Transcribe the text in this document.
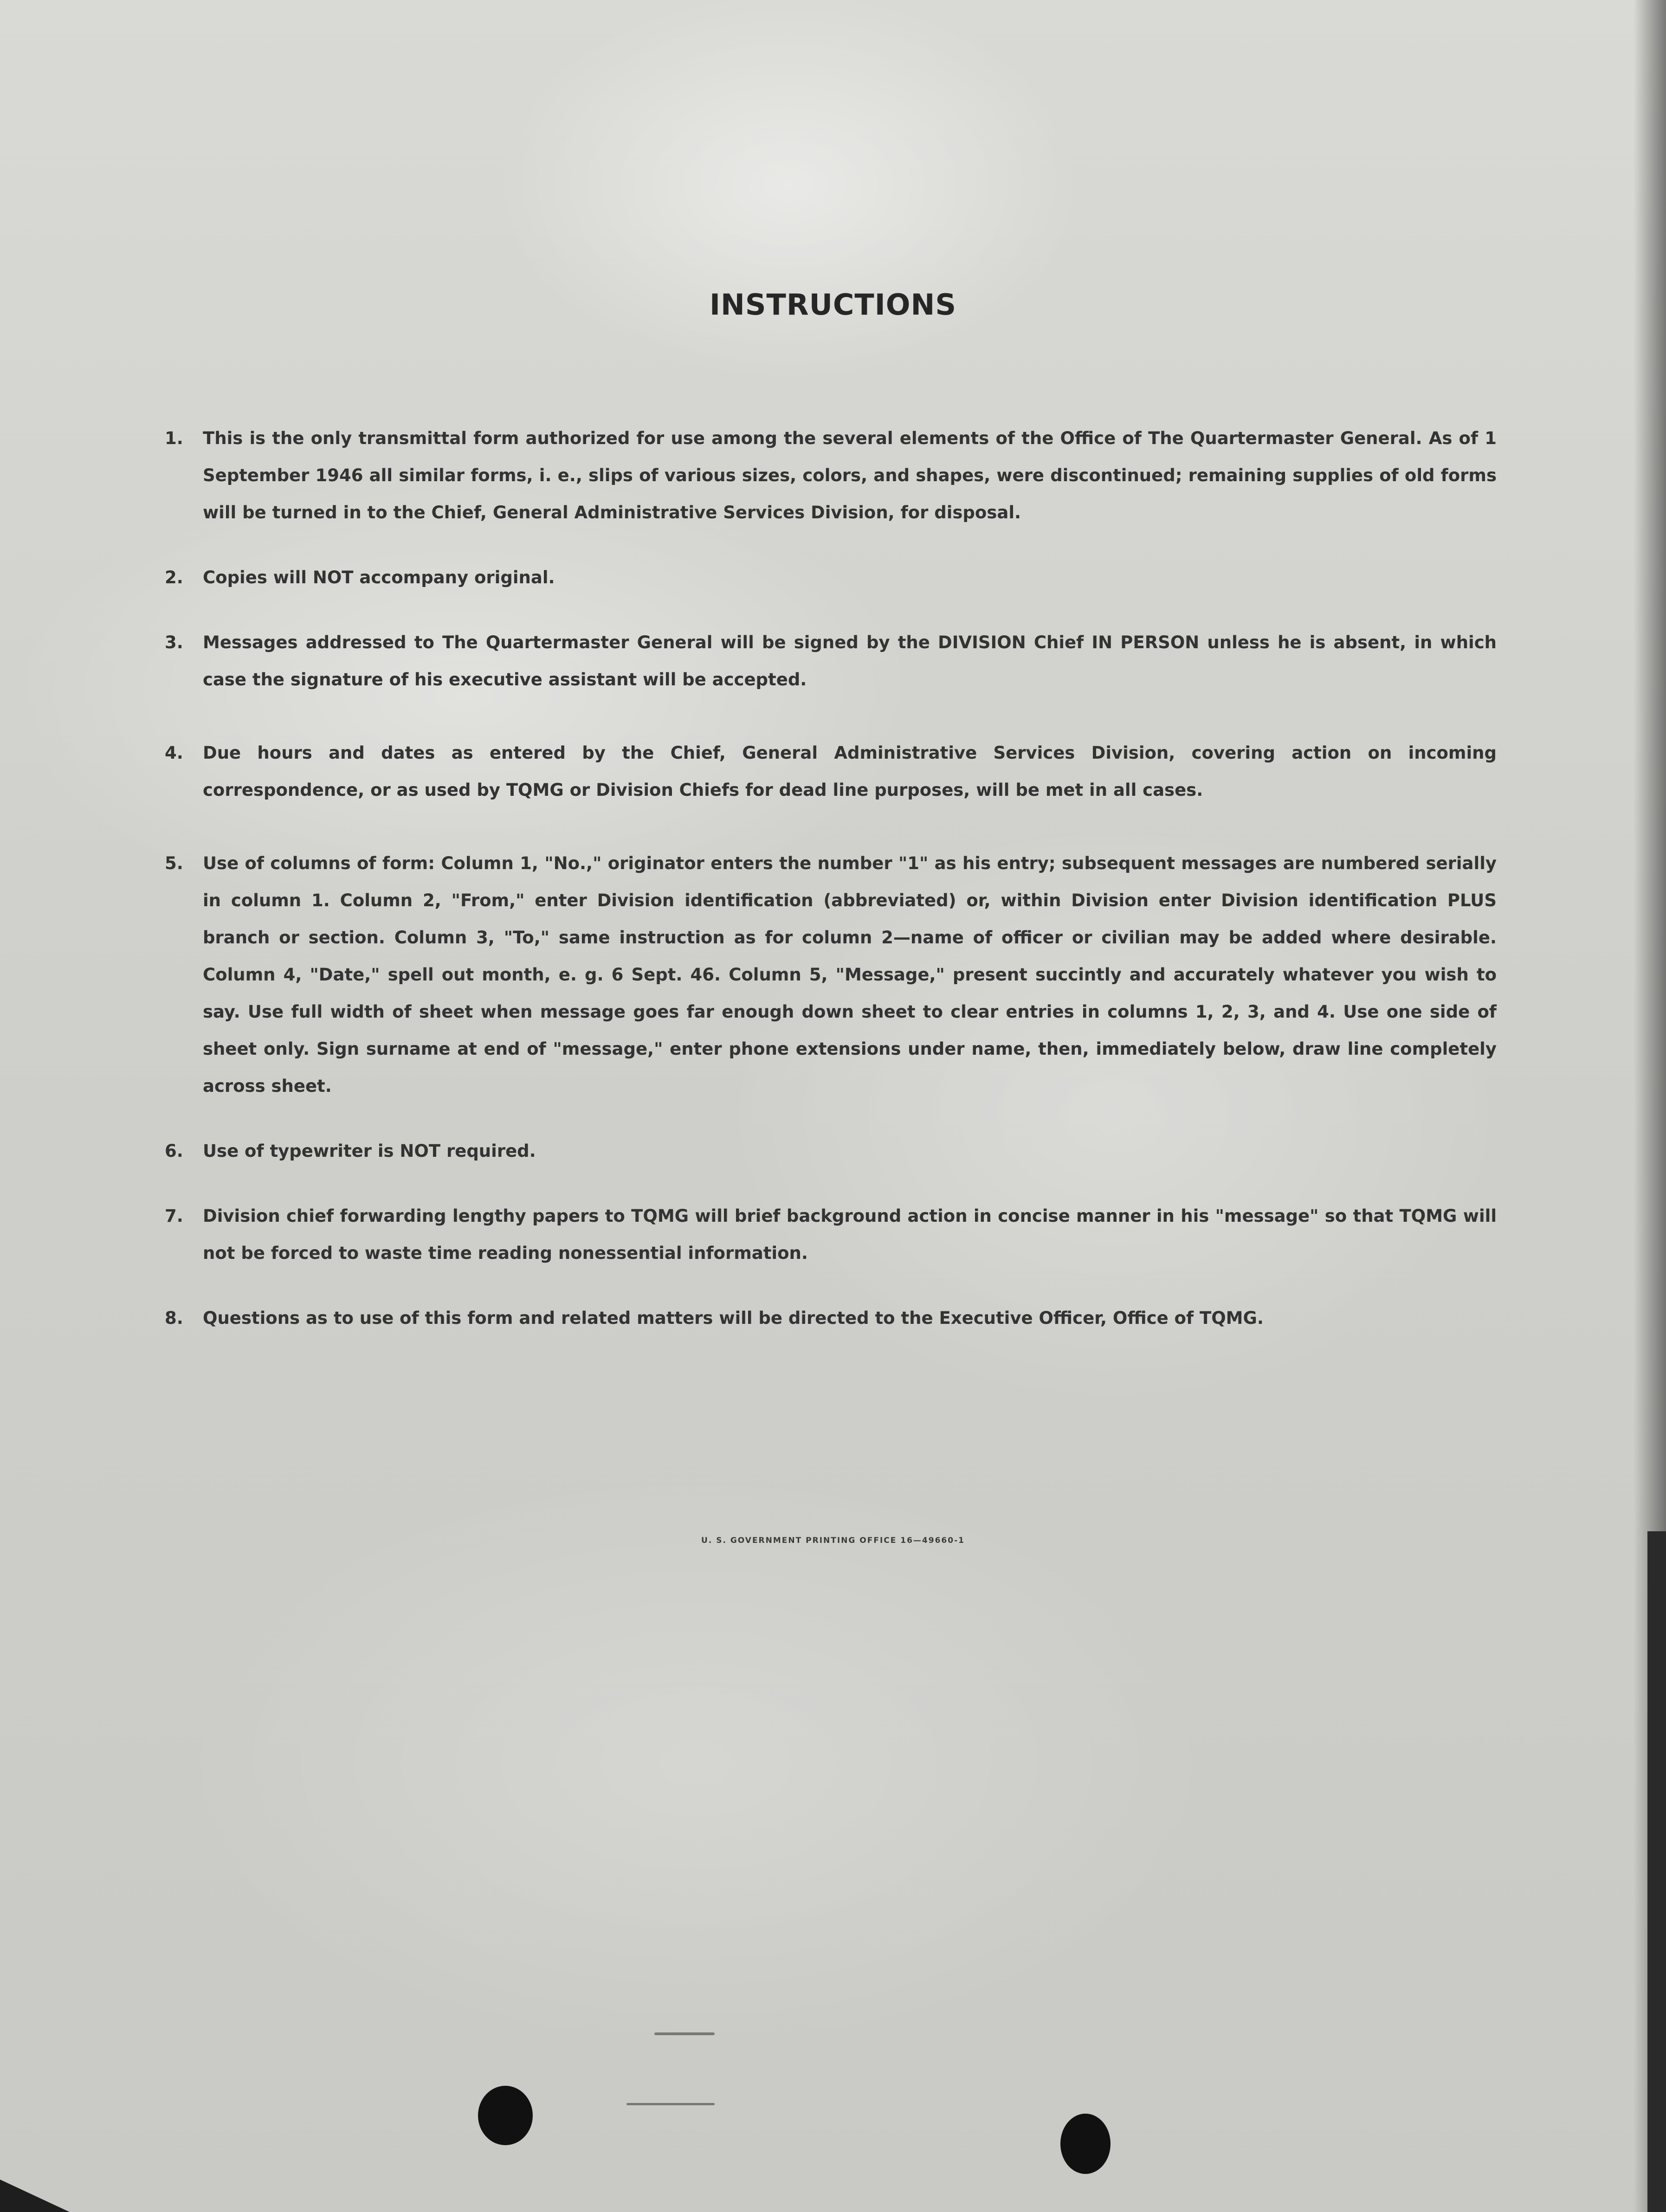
INSTRUCTIONS
1. This is the only transmittal form authorized for use among the several elements of the Office of The Quartermaster General. As of 1 September 1946 all similar forms, i. e., slips of various sizes, colors, and shapes, were discontinued; remaining supplies of old forms will be turned in to the Chief, General Administrative Services Division, for disposal.
2. Copies will NOT accompany original.
3. Messages addressed to The Quartermaster General will be signed by the DIVISION Chief IN PERSON unless he is absent, in which case the signature of his executive assistant will be accepted.
4. Due hours and dates as entered by the Chief, General Administrative Services Division, covering action on incoming correspondence, or as used by TQMG or Division Chiefs for dead line purposes, will be met in all cases.
5. Use of columns of form: Column 1, "No.," originator enters the number "1" as his entry; subsequent messages are numbered serially in column 1. Column 2, "From," enter Division identification (abbreviated) or, within Division enter Division identification PLUS branch or section. Column 3, "To," same instruction as for column 2—name of officer or civilian may be added where desirable. Column 4, "Date," spell out month, e. g. 6 Sept. 46. Column 5, "Message," present succintly and accurately whatever you wish to say. Use full width of sheet when message goes far enough down sheet to clear entries in columns 1, 2, 3, and 4. Use one side of sheet only. Sign surname at end of "message," enter phone extensions under name, then, immediately below, draw line completely across sheet.
6. Use of typewriter is NOT required.
7. Division chief forwarding lengthy papers to TQMG will brief background action in concise manner in his "message" so that TQMG will not be forced to waste time reading nonessential information.
8. Questions as to use of this form and related matters will be directed to the Executive Officer, Office of TQMG.
U. S. GOVERNMENT PRINTING OFFICE 16—49660-1
